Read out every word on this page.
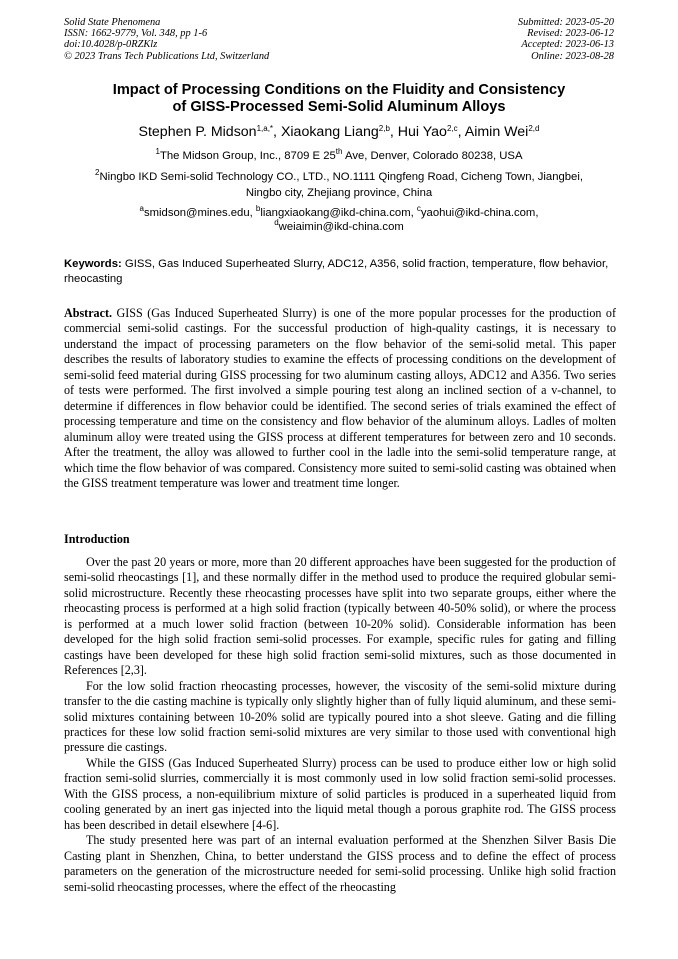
Solid State Phenomena
ISSN: 1662-9779, Vol. 348, pp 1-6
doi:10.4028/p-0RZKlz
© 2023 Trans Tech Publications Ltd, Switzerland
Submitted: 2023-05-20
Revised: 2023-06-12
Accepted: 2023-06-13
Online: 2023-08-28
Impact of Processing Conditions on the Fluidity and Consistency
of GISS-Processed Semi-Solid Aluminum Alloys
Stephen P. Midson$^{1,a,*}$, Xiaokang Liang$^{2,b}$, Hui Yao$^{2,c}$, Aimin Wei$^{2,d}$
$^1$The Midson Group, Inc., 8709 E 25th Ave, Denver, Colorado 80238, USA
$^2$Ningbo IKD Semi-solid Technology CO., LTD., NO.1111 Qingfeng Road, Cicheng Town, Jiangbei,
Ningbo city, Zhejiang province, China
$^a$smidson@mines.edu, $^b$liangxiaokang@ikd-china.com, $^c$yaohui@ikd-china.com,
$^d$weiaimin@ikd-china.com
Keywords: GISS, Gas Induced Superheated Slurry, ADC12, A356, solid fraction, temperature, flow behavior, rheocasting

Abstract. GISS (Gas Induced Superheated Slurry) is one of the more popular processes for the production of commercial semi-solid castings. For the successful production of high-quality castings, it is necessary to understand the impact of processing parameters on the flow behavior of the semi-solid metal. This paper describes the results of laboratory studies to examine the effects of processing conditions on the development of semi-solid feed material during GISS processing for two aluminum casting alloys, ADC12 and A356. Two series of tests were performed. The first involved a simple pouring test along an inclined section of a v-channel, to determine if differences in flow behavior could be identified. The second series of trials examined the effect of processing temperature and time on the consistency and flow behavior of the aluminum alloys. Ladles of molten aluminum alloy were treated using the GISS process at different temperatures for between zero and 10 seconds. After the treatment, the alloy was allowed to further cool in the ladle into the semi-solid temperature range, at which time the flow behavior of was compared. Consistency more suited to semi-solid casting was obtained when the GISS treatment temperature was lower and treatment time longer.

Introduction

Over the past 20 years or more, more than 20 different approaches have been suggested for the production of semi-solid rheocastings [1], and these normally differ in the method used to produce the required globular semi-solid microstructure. Recently these rheocasting processes have split into two separate groups, either where the rheocasting process is performed at a high solid fraction (typically between 40-50% solid), or where the process is performed at a much lower solid fraction (between 10-20% solid). Considerable information has been developed for the high solid fraction semi-solid processes. For example, specific rules for gating and filling castings have been developed for these high solid fraction semi-solid mixtures, such as those documented in References [2,3].

For the low solid fraction rheocasting processes, however, the viscosity of the semi-solid mixture during transfer to the die casting machine is typically only slightly higher than of fully liquid aluminum, and these semi-solid mixtures containing between 10-20% solid are typically poured into a shot sleeve. Gating and die filling practices for these low solid fraction semi-solid mixtures are very similar to those used with conventional high pressure die castings.

While the GISS (Gas Induced Superheated Slurry) process can be used to produce either low or high solid fraction semi-solid slurries, commercially it is most commonly used in low solid fraction semi-solid processes. With the GISS process, a non-equilibrium mixture of solid particles is produced in a superheated liquid from cooling generated by an inert gas injected into the liquid metal though a porous graphite rod. The GISS process has been described in detail elsewhere [4-6].

The study presented here was part of an internal evaluation performed at the Shenzhen Silver Basis Die Casting plant in Shenzhen, China, to better understand the GISS process and to define the effect of process parameters on the generation of the microstructure needed for semi-solid processing. Unlike high solid fraction semi-solid rheocasting processes, where the effect of the rheocasting
